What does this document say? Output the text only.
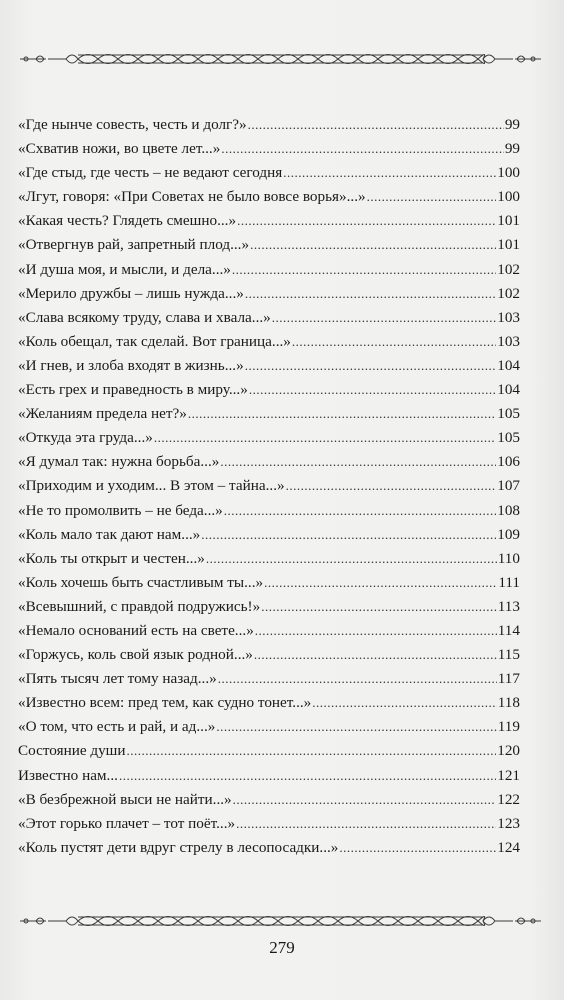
«Где нынче совесть, честь и долг?» .....	99
«Схватив ножи, во цвете лет...» .....	99
«Где стыд, где честь – не ведают сегодня .....	100
«Лгут, говоря: «При Советах не было вовсе ворья»...» .....	100
«Какая честь? Глядеть смешно...» .....	101
«Отвергнув рай, запретный плод...» .....	101
«И душа моя, и мысли, и дела...» .....	102
«Мерило дружбы – лишь нужда...» .....	102
«Слава всякому труду, слава и хвала...» .....	103
«Коль обещал, так сделай. Вот граница...» .....	103
«И гнев, и злоба входят в жизнь...» .....	104
«Есть грех и праведность в миру...» .....	104
«Желаниям предела нет?» .....	105
«Откуда эта груда...» .....	105
«Я думал так: нужна борьба...» .....	106
«Приходим и уходим... В этом – тайна...» .....	107
«Не то промолвить – не беда...» .....	108
«Коль мало так дают нам...» .....	109
«Коль ты открыт и честен...» .....	110
«Коль хочешь быть счастливым ты...» .....	111
«Всевышний, с правдой подружись!» .....	113
«Немало оснований есть на свете...» .....	114
«Горжусь, коль свой язык родной...» .....	115
«Пять тысяч лет тому назад...» .....	117
«Известно всем: пред тем, как судно тонет...» .....	118
«О том, что есть и рай, и ад...» .....	119
Состояние души .....	120
Известно нам... .....	121
«В безбрежной выси не найти...» .....	122
«Этот горько плачет – тот поёт...» .....	123
«Коль пустят дети вдруг стрелу в лесопосадки...» .....	124
279
